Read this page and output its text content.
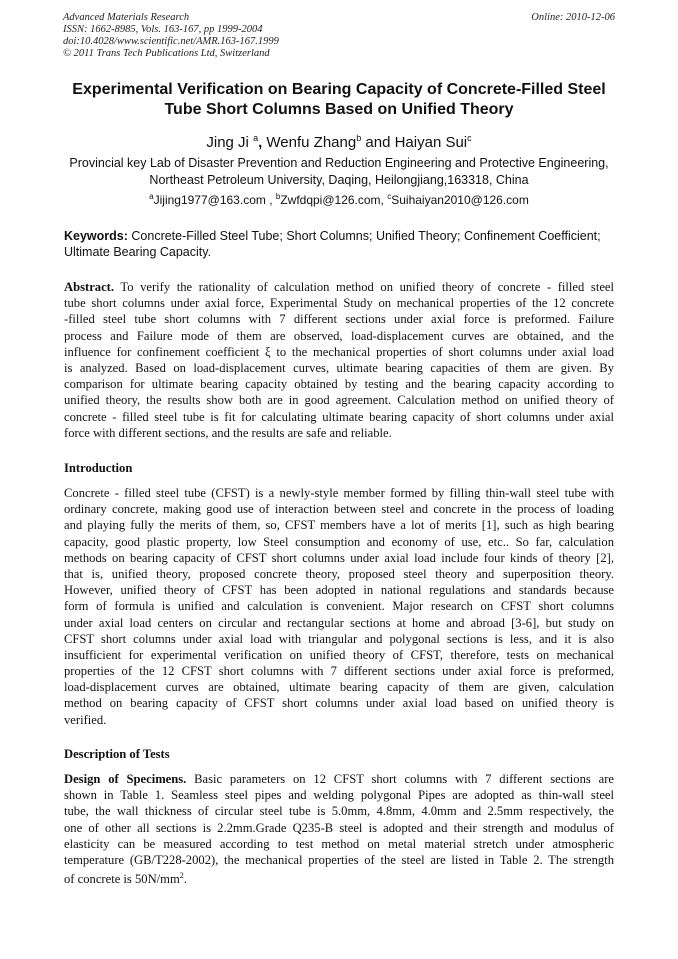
Advanced Materials Research
ISSN: 1662-8985, Vols. 163-167, pp 1999-2004
doi:10.4028/www.scientific.net/AMR.163-167.1999
© 2011 Trans Tech Publications Ltd, Switzerland
Online: 2010-12-06
Experimental Verification on Bearing Capacity of Concrete-Filled Steel
Tube Short Columns Based on Unified Theory
Jing Ji $^a$, Wenfu Zhang$^b$ and Haiyan Sui$^c$
Provincial key Lab of Disaster Prevention and Reduction Engineering and Protective Engineering,
Northeast Petroleum University, Daqing, Heilongjiang,163318, China
$^a$Jijing1977@163.com , $^b$Zwfdqpi@126.com, $^c$Suihaiyan2010@126.com
Keywords: Concrete-Filled Steel Tube; Short Columns; Unified Theory; Confinement Coefficient; Ultimate Bearing Capacity.
Abstract. To verify the rationality of calculation method on unified theory of concrete - filled steel
tube short columns under axial force, Experimental Study on mechanical properties of the 12 concrete
-filled steel tube short columns with 7 different sections under axial force is preformed. Failure
process and Failure mode of them are observed, load-displacement curves are obtained, and the
influence for confinement coefficient ξ to the mechanical properties of short columns under axial load
is analyzed. Based on load-displacement curves, ultimate bearing capacities of them are given. By
comparison for ultimate bearing capacity obtained by testing and the bearing capacity according to
unified theory, the results show both are in good agreement. Calculation method on unified theory of
concrete - filled steel tube is fit for calculating ultimate bearing capacity of short columns under axial
force with different sections, and the results are safe and reliable.
Introduction
Concrete - filled steel tube (CFST) is a newly-style member formed by filling thin-wall steel tube with
ordinary concrete, making good use of interaction between steel and concrete in the process of loading
and playing fully the merits of them, so, CFST members have a lot of merits [1], such as high bearing
capacity, good plastic property, low Steel consumption and economy of use, etc.. So far, calculation
methods on bearing capacity of CFST short columns under axial load include four kinds of theory [2],
that is, unified theory, proposed concrete theory, proposed steel theory and superposition theory.
However, unified theory of CFST has been adopted in national regulations and standards because
form of formula is unified and calculation is convenient. Major research on CFST short columns
under axial load centers on circular and rectangular sections at home and abroad [3-6], but study on
CFST short columns under axial load with triangular and polygonal sections is less, and it is also
insufficient for experimental verification on unified theory of CFST, therefore, tests on mechanical
properties of the 12 CFST short columns with 7 different sections under axial force is preformed,
load-displacement curves are obtained, ultimate bearing capacity of them are given, calculation
method on bearing capacity of CFST short columns under axial load based on unified theory is
verified.
Description of Tests
Design of Specimens. Basic parameters on 12 CFST short columns with 7 different sections are
shown in Table 1. Seamless steel pipes and welding polygonal Pipes are adopted as thin-wall steel
tube, the wall thickness of circular steel tube is 5.0mm, 4.8mm, 4.0mm and 2.5mm respectively, the
one of other all sections is 2.2mm.Grade Q235-B steel is adopted and their strength and modulus of
elasticity can be measured according to test method on metal material stretch under atmospheric
temperature (GB/T228-2002), the mechanical properties of the steel are listed in Table 2. The strength
of concrete is $50N/mm^2$.
